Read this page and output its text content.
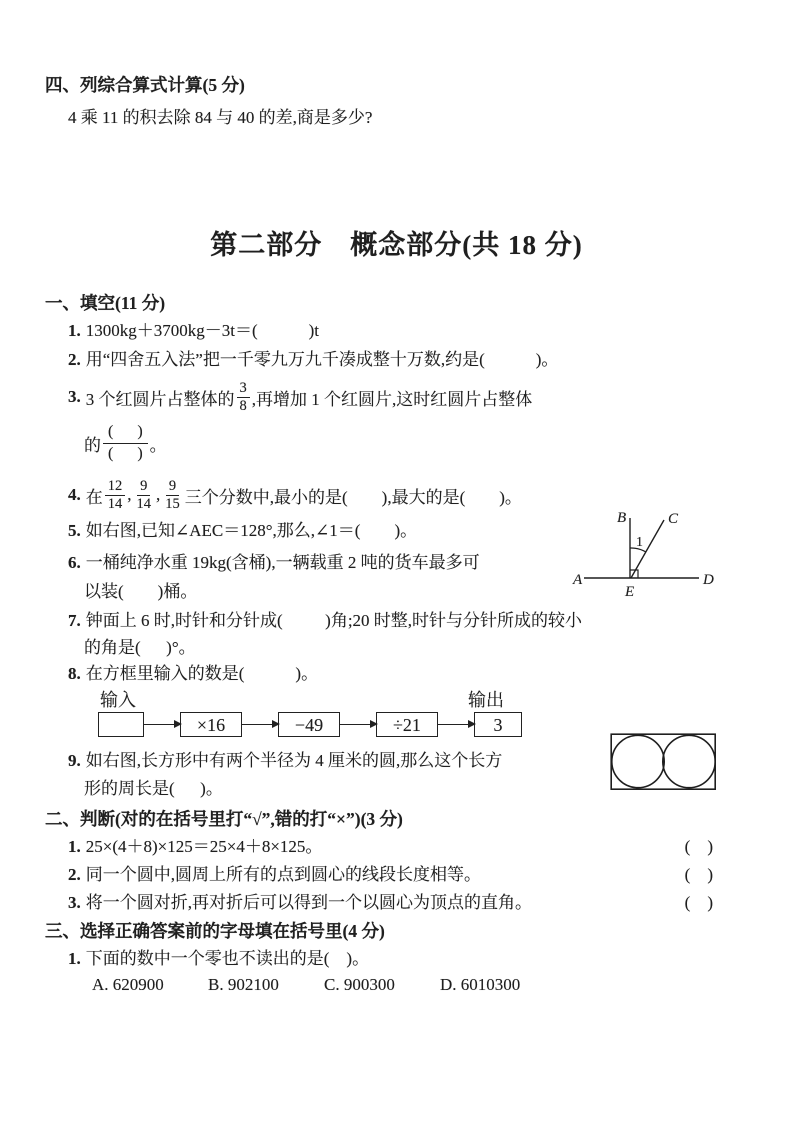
四、列综合算式计算(5 分)
4 乘 11 的积去除 84 与 40 的差,商是多少?
第二部分　概念部分(共 18 分)
一、填空(11 分)
1. 1300kg＋3700kg－3t＝(            )t
2. 用“四舍五入法”把一千零九万九千凑成整十万数,约是(            )。
3. 3 个红圆片占整体的 $\frac{3}{8}$ ,再增加 1 个红圆片,这时红圆片占整体
的 $\frac{( )}{( )}$ 。
4. 在 $\frac{12}{14}$ , $\frac{9}{14}$ , $\frac{9}{15}$ 三个分数中,最小的是(        ),最大的是(        )。
5. 如右图,已知∠AEC＝128°,那么,∠1＝(        )。
6. 一桶纯净水重 19kg(含桶),一辆载重 2 吨的货车最多可
以装(        )桶。
7. 钟面上 6 时,时针和分针成(          )角;20 时整,时针与分针所成的较小
的角是(      )°。
8. 在方框里输入的数是(            )。
输入	输出
×16	−49	÷21	3
9. 如右图,长方形中有两个半径为 4 厘米的圆,那么这个长方
形的周长是(      )。
二、判断(对的在括号里打“√”,错的打“×”)(3 分)
1. 25×(4＋8)×125＝25×4＋8×125。	(    )
2. 同一个圆中,圆周上所有的点到圆心的线段长度相等。	(    )
3. 将一个圆对折,再对折后可以得到一个以圆心为顶点的直角。	(    )
三、选择正确答案前的字母填在括号里(4 分)
1. 下面的数中一个零也不读出的是(    )。
A. 620900	B. 902100	C. 900300	D. 6010300
B	C
A	D
E
1
